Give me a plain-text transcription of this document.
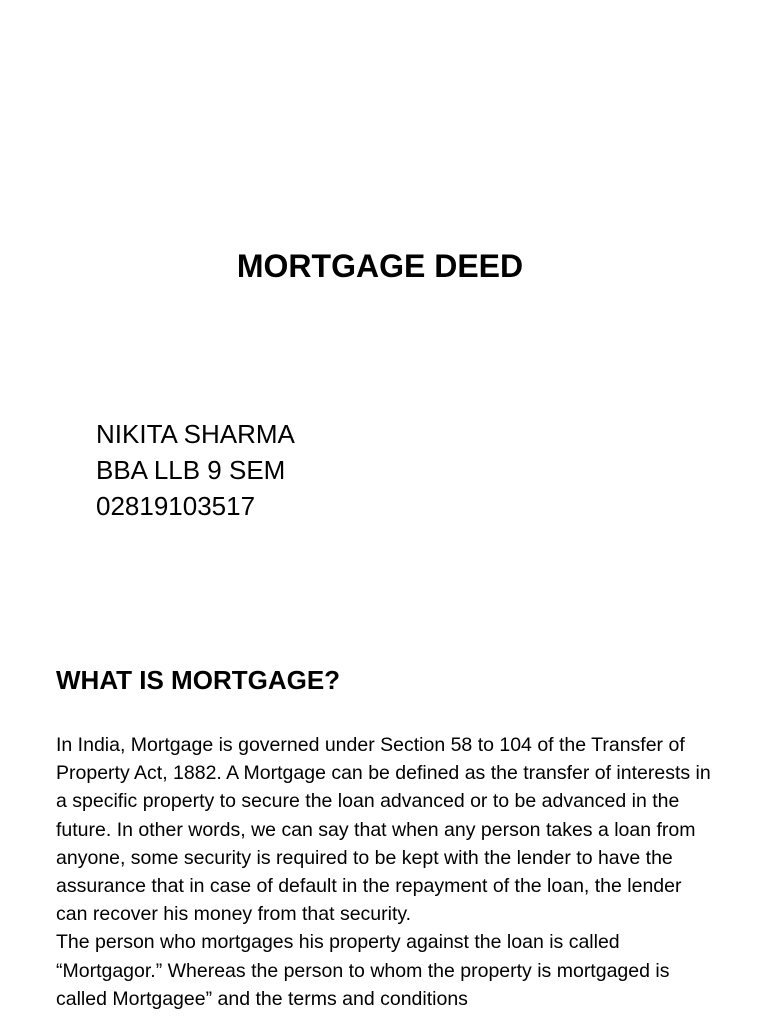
MORTGAGE DEED
NIKITA SHARMA
BBA LLB 9 SEM
02819103517
WHAT IS MORTGAGE?

In India, Mortgage is governed under Section 58 to 104 of the Transfer of Property Act, 1882. A Mortgage can be defined as the transfer of interests in a specific property to secure the loan advanced or to be advanced in the future. In other words, we can say that when any person takes a loan from anyone, some security is required to be kept with the lender to have the assurance that in case of default in the repayment of the loan, the lender can recover his money from that security.

The person who mortgages his property against the loan is called “Mortgagor.” Whereas the person to whom the property is mortgaged is called Mortgagee” and the terms and conditions
